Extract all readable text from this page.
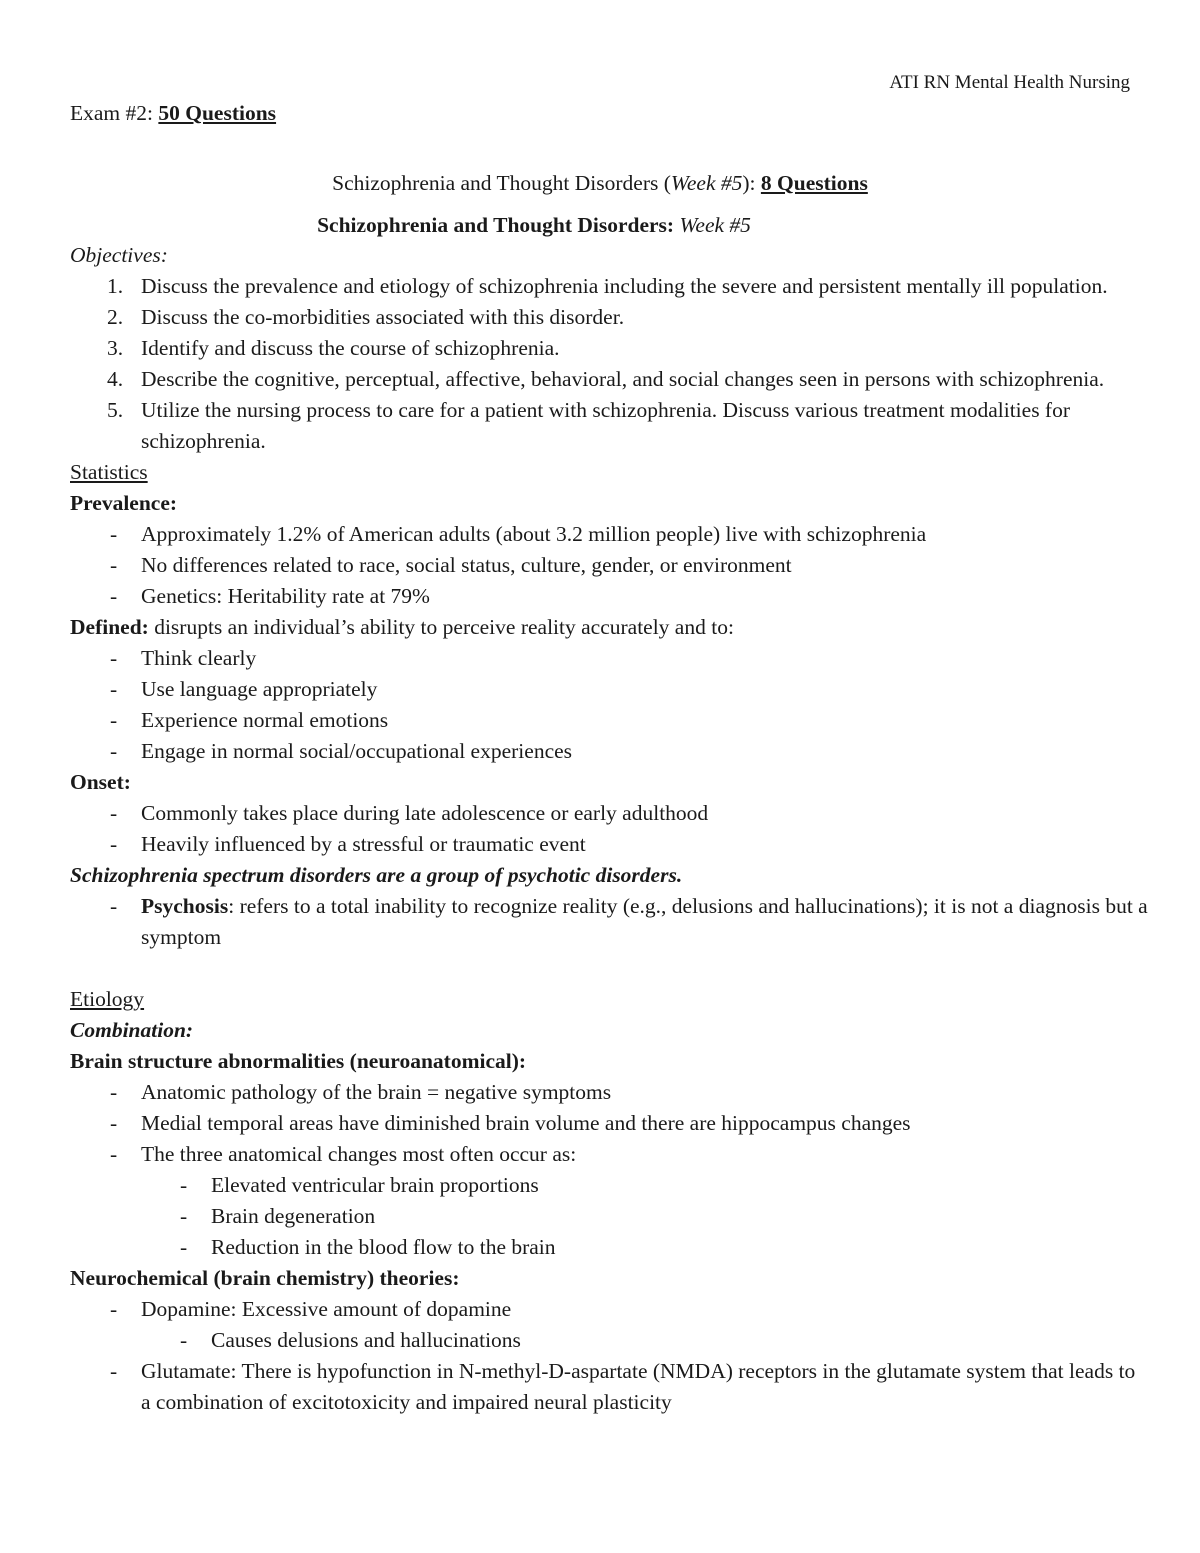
ATI RN Mental Health Nursing
Exam #2: 50 Questions
Schizophrenia and Thought Disorders (Week #5): 8 Questions
Schizophrenia and Thought Disorders: Week #5
Objectives:
1. Discuss the prevalence and etiology of schizophrenia including the severe and persistent mentally ill population.
2. Discuss the co-morbidities associated with this disorder.
3. Identify and discuss the course of schizophrenia.
4. Describe the cognitive, perceptual, affective, behavioral, and social changes seen in persons with schizophrenia.
5. Utilize the nursing process to care for a patient with schizophrenia. Discuss various treatment modalities for schizophrenia.
Statistics
Prevalence:
- Approximately 1.2% of American adults (about 3.2 million people) live with schizophrenia
- No differences related to race, social status, culture, gender, or environment
- Genetics: Heritability rate at 79%
Defined: disrupts an individual’s ability to perceive reality accurately and to:
- Think clearly
- Use language appropriately
- Experience normal emotions
- Engage in normal social/occupational experiences
Onset:
- Commonly takes place during late adolescence or early adulthood
- Heavily influenced by a stressful or traumatic event
Schizophrenia spectrum disorders are a group of psychotic disorders.
- Psychosis: refers to a total inability to recognize reality (e.g., delusions and hallucinations); it is not a diagnosis but a symptom
Etiology
Combination:
Brain structure abnormalities (neuroanatomical):
- Anatomic pathology of the brain = negative symptoms
- Medial temporal areas have diminished brain volume and there are hippocampus changes
- The three anatomical changes most often occur as:
- Elevated ventricular brain proportions
- Brain degeneration
- Reduction in the blood flow to the brain
Neurochemical (brain chemistry) theories:
- Dopamine: Excessive amount of dopamine
- Causes delusions and hallucinations
- Glutamate: There is hypofunction in N-methyl-D-aspartate (NMDA) receptors in the glutamate system that leads to a combination of excitotoxicity and impaired neural plasticity
